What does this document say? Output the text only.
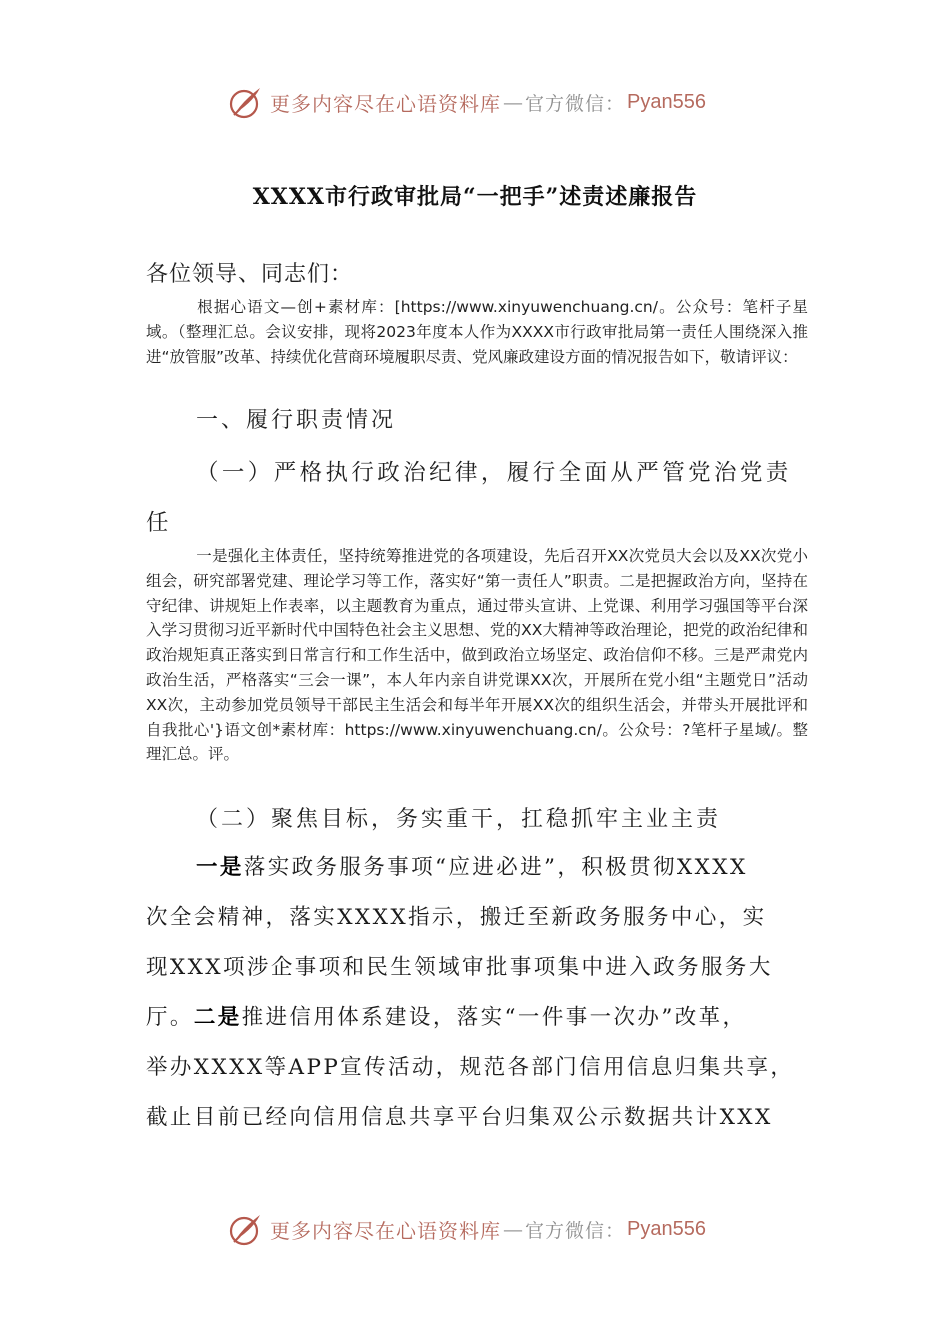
更多内容尽在心语资料库 — 官方微信： Pyan556
XXXX市行政审批局“一把手”述责述廉报告
各位领导、同志们：
根据心语文—创+素材库：[https://www.xinyuwenchuang.cn/。公众号：笔杆子星域。（整理汇总。会议安排，现将2023年度本人作为XXXX市行政审批局第一责任人围绕深入推进“放管服”改革、持续优化营商环境履职尽责、党风廉政建设方面的情况报告如下，敬请评议：
一、履行职责情况
（一）严格执行政治纪律，履行全面从严管党治党责
任
一是强化主体责任，坚持统筹推进党的各项建设，先后召开XX次党员大会以及XX次党小组会，研究部署党建、理论学习等工作，落实好“第一责任人”职责。二是把握政治方向，坚持在守纪律、讲规矩上作表率，以主题教育为重点，通过带头宣讲、上党课、利用学习强国等平台深入学习贯彻习近平新时代中国特色社会主义思想、党的XX大精神等政治理论，把党的政治纪律和政治规矩真正落实到日常言行和工作生活中，做到政治立场坚定、政治信仰不移。三是严肃党内政治生活，严格落实“三会一课”，本人年内亲自讲党课XX次，开展所在党小组“主题党日”活动XX次，主动参加党员领导干部民主生活会和每半年开展XX次的组织生活会，并带头开展批评和自我批心'}语文创*素材库：https://www.xinyuwenchuang.cn/。公众号：?笔杆子星域/。整理汇总。评。
（二）聚焦目标，务实重干，扛稳抓牢主业主责
一是落实政务服务事项“应进必进”，积极贯彻XXXX
次全会精神，落实XXXX指示，搬迁至新政务服务中心，实
现XXX项涉企事项和民生领域审批事项集中进入政务服务大
厅。二是推进信用体系建设，落实“一件事一次办”改革，
举办XXXX等APP宣传活动，规范各部门信用信息归集共享，
截止目前已经向信用信息共享平台归集双公示数据共计XXX
更多内容尽在心语资料库 — 官方微信： Pyan556
